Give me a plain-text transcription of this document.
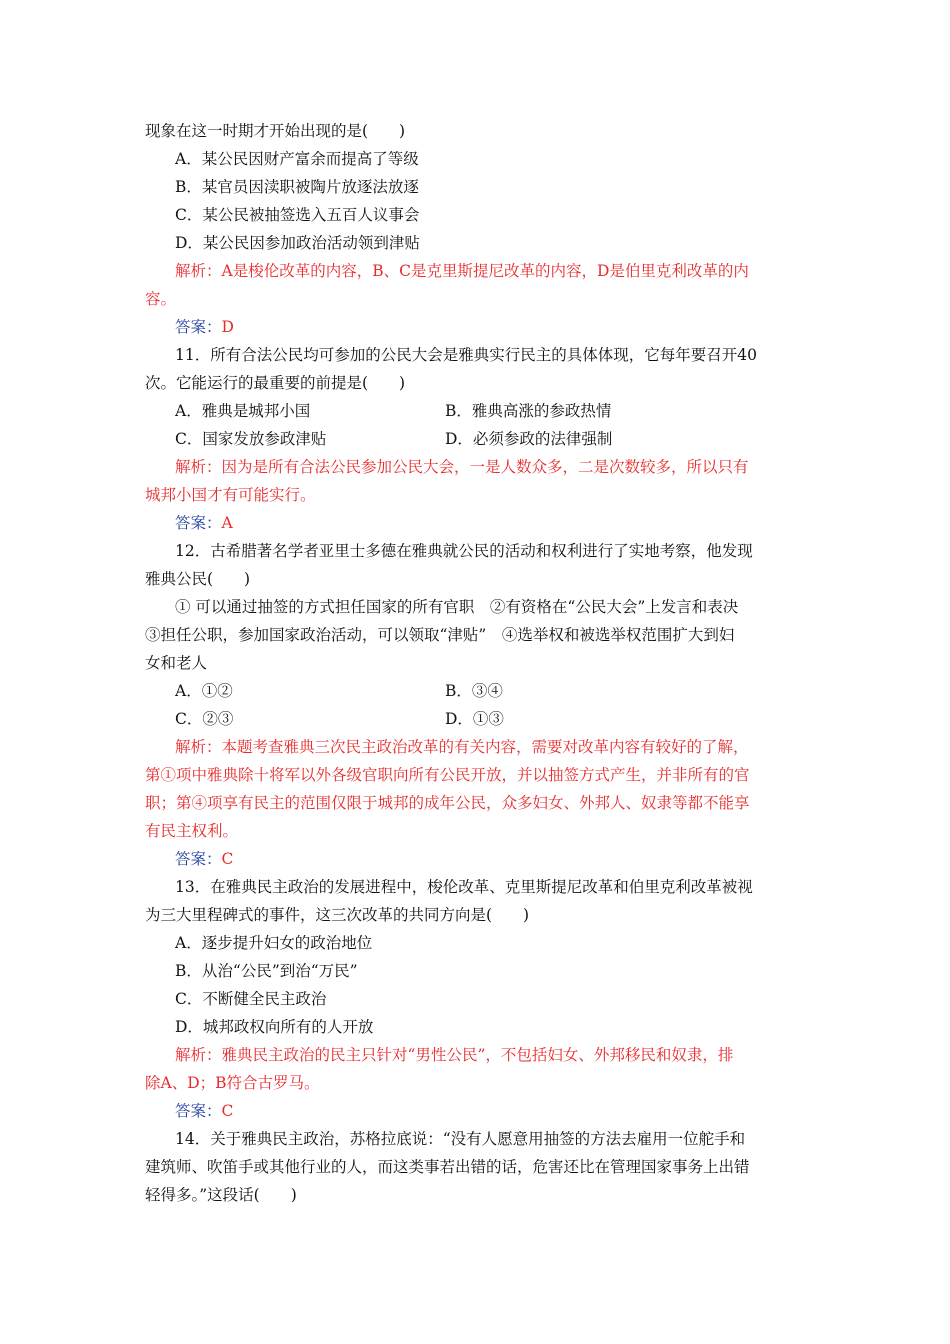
现象在这一时期才开始出现的是(　　)
A．某公民因财产富余而提高了等级
B．某官员因渎职被陶片放逐法放逐
C．某公民被抽签选入五百人议事会
D．某公民因参加政治活动领到津贴
解析：A是梭伦改革的内容，B、C是克里斯提尼改革的内容，D是伯里克利改革的内
容。
答案：D
11．所有合法公民均可参加的公民大会是雅典实行民主的具体体现，它每年要召开40
次。它能运行的最重要的前提是(　　)
A．雅典是城邦小国	B．雅典高涨的参政热情
C．国家发放参政津贴	D．必须参政的法律强制
解析：因为是所有合法公民参加公民大会，一是人数众多，二是次数较多，所以只有
城邦小国才有可能实行。
答案：A
12．古希腊著名学者亚里士多德在雅典就公民的活动和权利进行了实地考察，他发现
雅典公民(　　)
① 可以通过抽签的方式担任国家的所有官职　②有资格在“公民大会”上发言和表决
③担任公职，参加国家政治活动，可以领取“津贴”　④选举权和被选举权范围扩大到妇
女和老人
A．①②	B．③④
C．②③	D．①③
解析：本题考查雅典三次民主政治改革的有关内容，需要对改革内容有较好的了解，
第①项中雅典除十将军以外各级官职向所有公民开放，并以抽签方式产生，并非所有的官
职；第④项享有民主的范围仅限于城邦的成年公民，众多妇女、外邦人、奴隶等都不能享
有民主权利。
答案：C
13．在雅典民主政治的发展进程中，梭伦改革、克里斯提尼改革和伯里克利改革被视
为三大里程碑式的事件，这三次改革的共同方向是(　　)
A．逐步提升妇女的政治地位
B．从治“公民”到治“万民”
C．不断健全民主政治
D．城邦政权向所有的人开放
解析：雅典民主政治的民主只针对“男性公民”，不包括妇女、外邦移民和奴隶，排
除A、D；B符合古罗马。
答案：C
14．关于雅典民主政治，苏格拉底说：“没有人愿意用抽签的方法去雇用一位舵手和
建筑师、吹笛手或其他行业的人，而这类事若出错的话，危害还比在管理国家事务上出错
轻得多。”这段话(　　)
